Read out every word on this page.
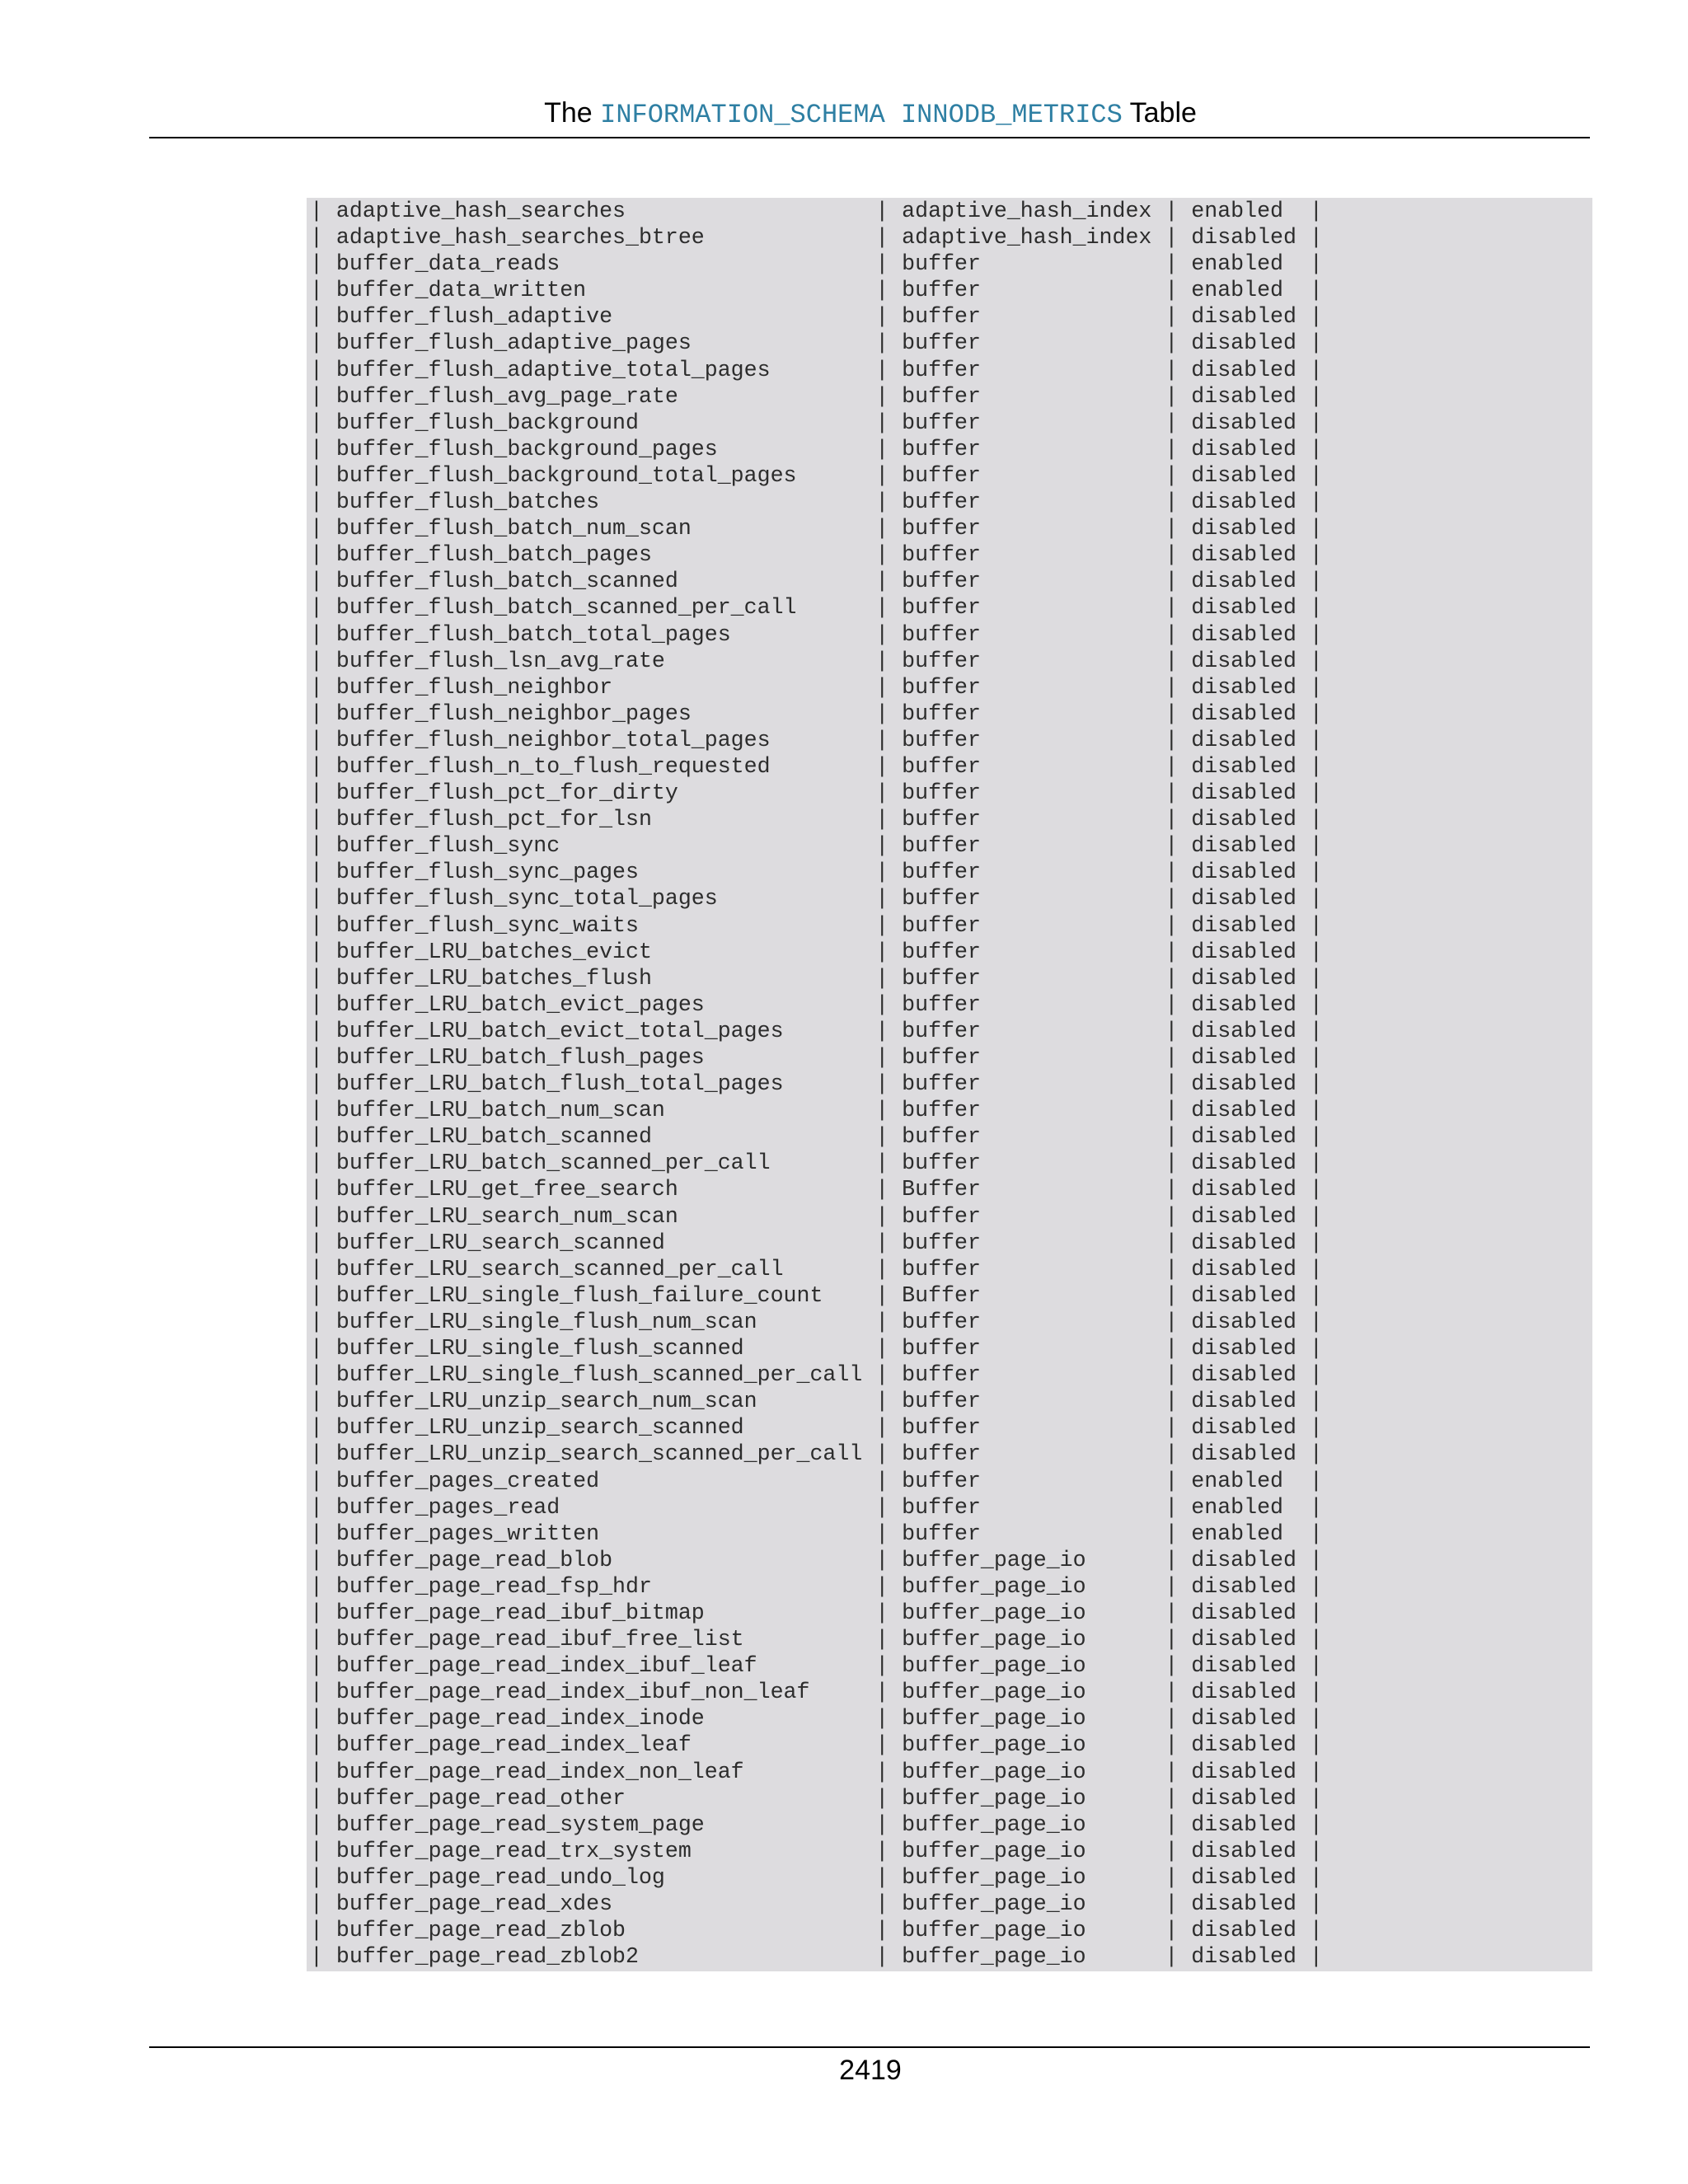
The INFORMATION_SCHEMA INNODB_METRICS Table
| adaptive_hash_searches                   | adaptive_hash_index | enabled  |
| adaptive_hash_searches_btree             | adaptive_hash_index | disabled |
| buffer_data_reads                        | buffer              | enabled  |
| buffer_data_written                      | buffer              | enabled  |
| buffer_flush_adaptive                    | buffer              | disabled |
| buffer_flush_adaptive_pages              | buffer              | disabled |
| buffer_flush_adaptive_total_pages        | buffer              | disabled |
| buffer_flush_avg_page_rate               | buffer              | disabled |
| buffer_flush_background                  | buffer              | disabled |
| buffer_flush_background_pages            | buffer              | disabled |
| buffer_flush_background_total_pages      | buffer              | disabled |
| buffer_flush_batches                     | buffer              | disabled |
| buffer_flush_batch_num_scan              | buffer              | disabled |
| buffer_flush_batch_pages                 | buffer              | disabled |
| buffer_flush_batch_scanned               | buffer              | disabled |
| buffer_flush_batch_scanned_per_call      | buffer              | disabled |
| buffer_flush_batch_total_pages           | buffer              | disabled |
| buffer_flush_lsn_avg_rate                | buffer              | disabled |
| buffer_flush_neighbor                    | buffer              | disabled |
| buffer_flush_neighbor_pages              | buffer              | disabled |
| buffer_flush_neighbor_total_pages        | buffer              | disabled |
| buffer_flush_n_to_flush_requested        | buffer              | disabled |
| buffer_flush_pct_for_dirty               | buffer              | disabled |
| buffer_flush_pct_for_lsn                 | buffer              | disabled |
| buffer_flush_sync                        | buffer              | disabled |
| buffer_flush_sync_pages                  | buffer              | disabled |
| buffer_flush_sync_total_pages            | buffer              | disabled |
| buffer_flush_sync_waits                  | buffer              | disabled |
| buffer_LRU_batches_evict                 | buffer              | disabled |
| buffer_LRU_batches_flush                 | buffer              | disabled |
| buffer_LRU_batch_evict_pages             | buffer              | disabled |
| buffer_LRU_batch_evict_total_pages       | buffer              | disabled |
| buffer_LRU_batch_flush_pages             | buffer              | disabled |
| buffer_LRU_batch_flush_total_pages       | buffer              | disabled |
| buffer_LRU_batch_num_scan                | buffer              | disabled |
| buffer_LRU_batch_scanned                 | buffer              | disabled |
| buffer_LRU_batch_scanned_per_call        | buffer              | disabled |
| buffer_LRU_get_free_search               | Buffer              | disabled |
| buffer_LRU_search_num_scan               | buffer              | disabled |
| buffer_LRU_search_scanned                | buffer              | disabled |
| buffer_LRU_search_scanned_per_call       | buffer              | disabled |
| buffer_LRU_single_flush_failure_count    | Buffer              | disabled |
| buffer_LRU_single_flush_num_scan         | buffer              | disabled |
| buffer_LRU_single_flush_scanned          | buffer              | disabled |
| buffer_LRU_single_flush_scanned_per_call | buffer              | disabled |
| buffer_LRU_unzip_search_num_scan         | buffer              | disabled |
| buffer_LRU_unzip_search_scanned          | buffer              | disabled |
| buffer_LRU_unzip_search_scanned_per_call | buffer              | disabled |
| buffer_pages_created                     | buffer              | enabled  |
| buffer_pages_read                        | buffer              | enabled  |
| buffer_pages_written                     | buffer              | enabled  |
| buffer_page_read_blob                    | buffer_page_io      | disabled |
| buffer_page_read_fsp_hdr                 | buffer_page_io      | disabled |
| buffer_page_read_ibuf_bitmap             | buffer_page_io      | disabled |
| buffer_page_read_ibuf_free_list          | buffer_page_io      | disabled |
| buffer_page_read_index_ibuf_leaf         | buffer_page_io      | disabled |
| buffer_page_read_index_ibuf_non_leaf     | buffer_page_io      | disabled |
| buffer_page_read_index_inode             | buffer_page_io      | disabled |
| buffer_page_read_index_leaf              | buffer_page_io      | disabled |
| buffer_page_read_index_non_leaf          | buffer_page_io      | disabled |
| buffer_page_read_other                   | buffer_page_io      | disabled |
| buffer_page_read_system_page             | buffer_page_io      | disabled |
| buffer_page_read_trx_system              | buffer_page_io      | disabled |
| buffer_page_read_undo_log                | buffer_page_io      | disabled |
| buffer_page_read_xdes                    | buffer_page_io      | disabled |
| buffer_page_read_zblob                   | buffer_page_io      | disabled |
| buffer_page_read_zblob2                  | buffer_page_io      | disabled |
2419
